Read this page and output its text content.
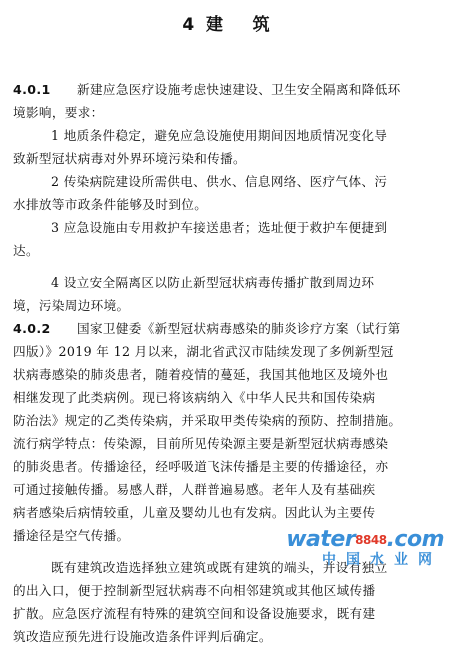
4  建     筑
4.0.1 新建应急医疗设施考虑快速建设、卫生安全隔离和降低环
境影响，要求：
1 地质条件稳定，避免应急设施使用期间因地质情况变化导
致新型冠状病毒对外界环境污染和传播。
2 传染病院建设所需供电、供水、信息网络、医疗气体、污
水排放等市政条件能够及时到位。
3 应急设施由专用救护车接送患者；选址便于救护车便捷到
达。
4 设立安全隔离区以防止新型冠状病毒传播扩散到周边环
境，污染周边环境。
4.0.2 国家卫健委《新型冠状病毒感染的肺炎诊疗方案（试行第
四版）》2019 年 12 月以来，湖北省武汉市陆续发现了多例新型冠
状病毒感染的肺炎患者，随着疫情的蔓延，我国其他地区及境外也
相继发现了此类病例。现已将该病纳入《中华人民共和国传染病
防治法》规定的乙类传染病，并采取甲类传染病的预防、控制措施。
流行病学特点：传染源，目前所见传染源主要是新型冠状病毒感染
的肺炎患者。传播途径，经呼吸道飞沫传播是主要的传播途径，亦
可通过接触传播。易感人群，人群普遍易感。老年人及有基础疾
病者感染后病情较重，儿童及婴幼儿也有发病。因此认为主要传
播途径是空气传播。
既有建筑改造选择独立建筑或既有建筑的端头，并设有独立
的出入口，便于控制新型冠状病毒不向相邻建筑或其他区域传播
扩散。应急医疗流程有特殊的建筑空间和设备设施要求，既有建
筑改造应预先进行设施改造条件评判后确定。
water$^{8848}$.com
中国水业网
